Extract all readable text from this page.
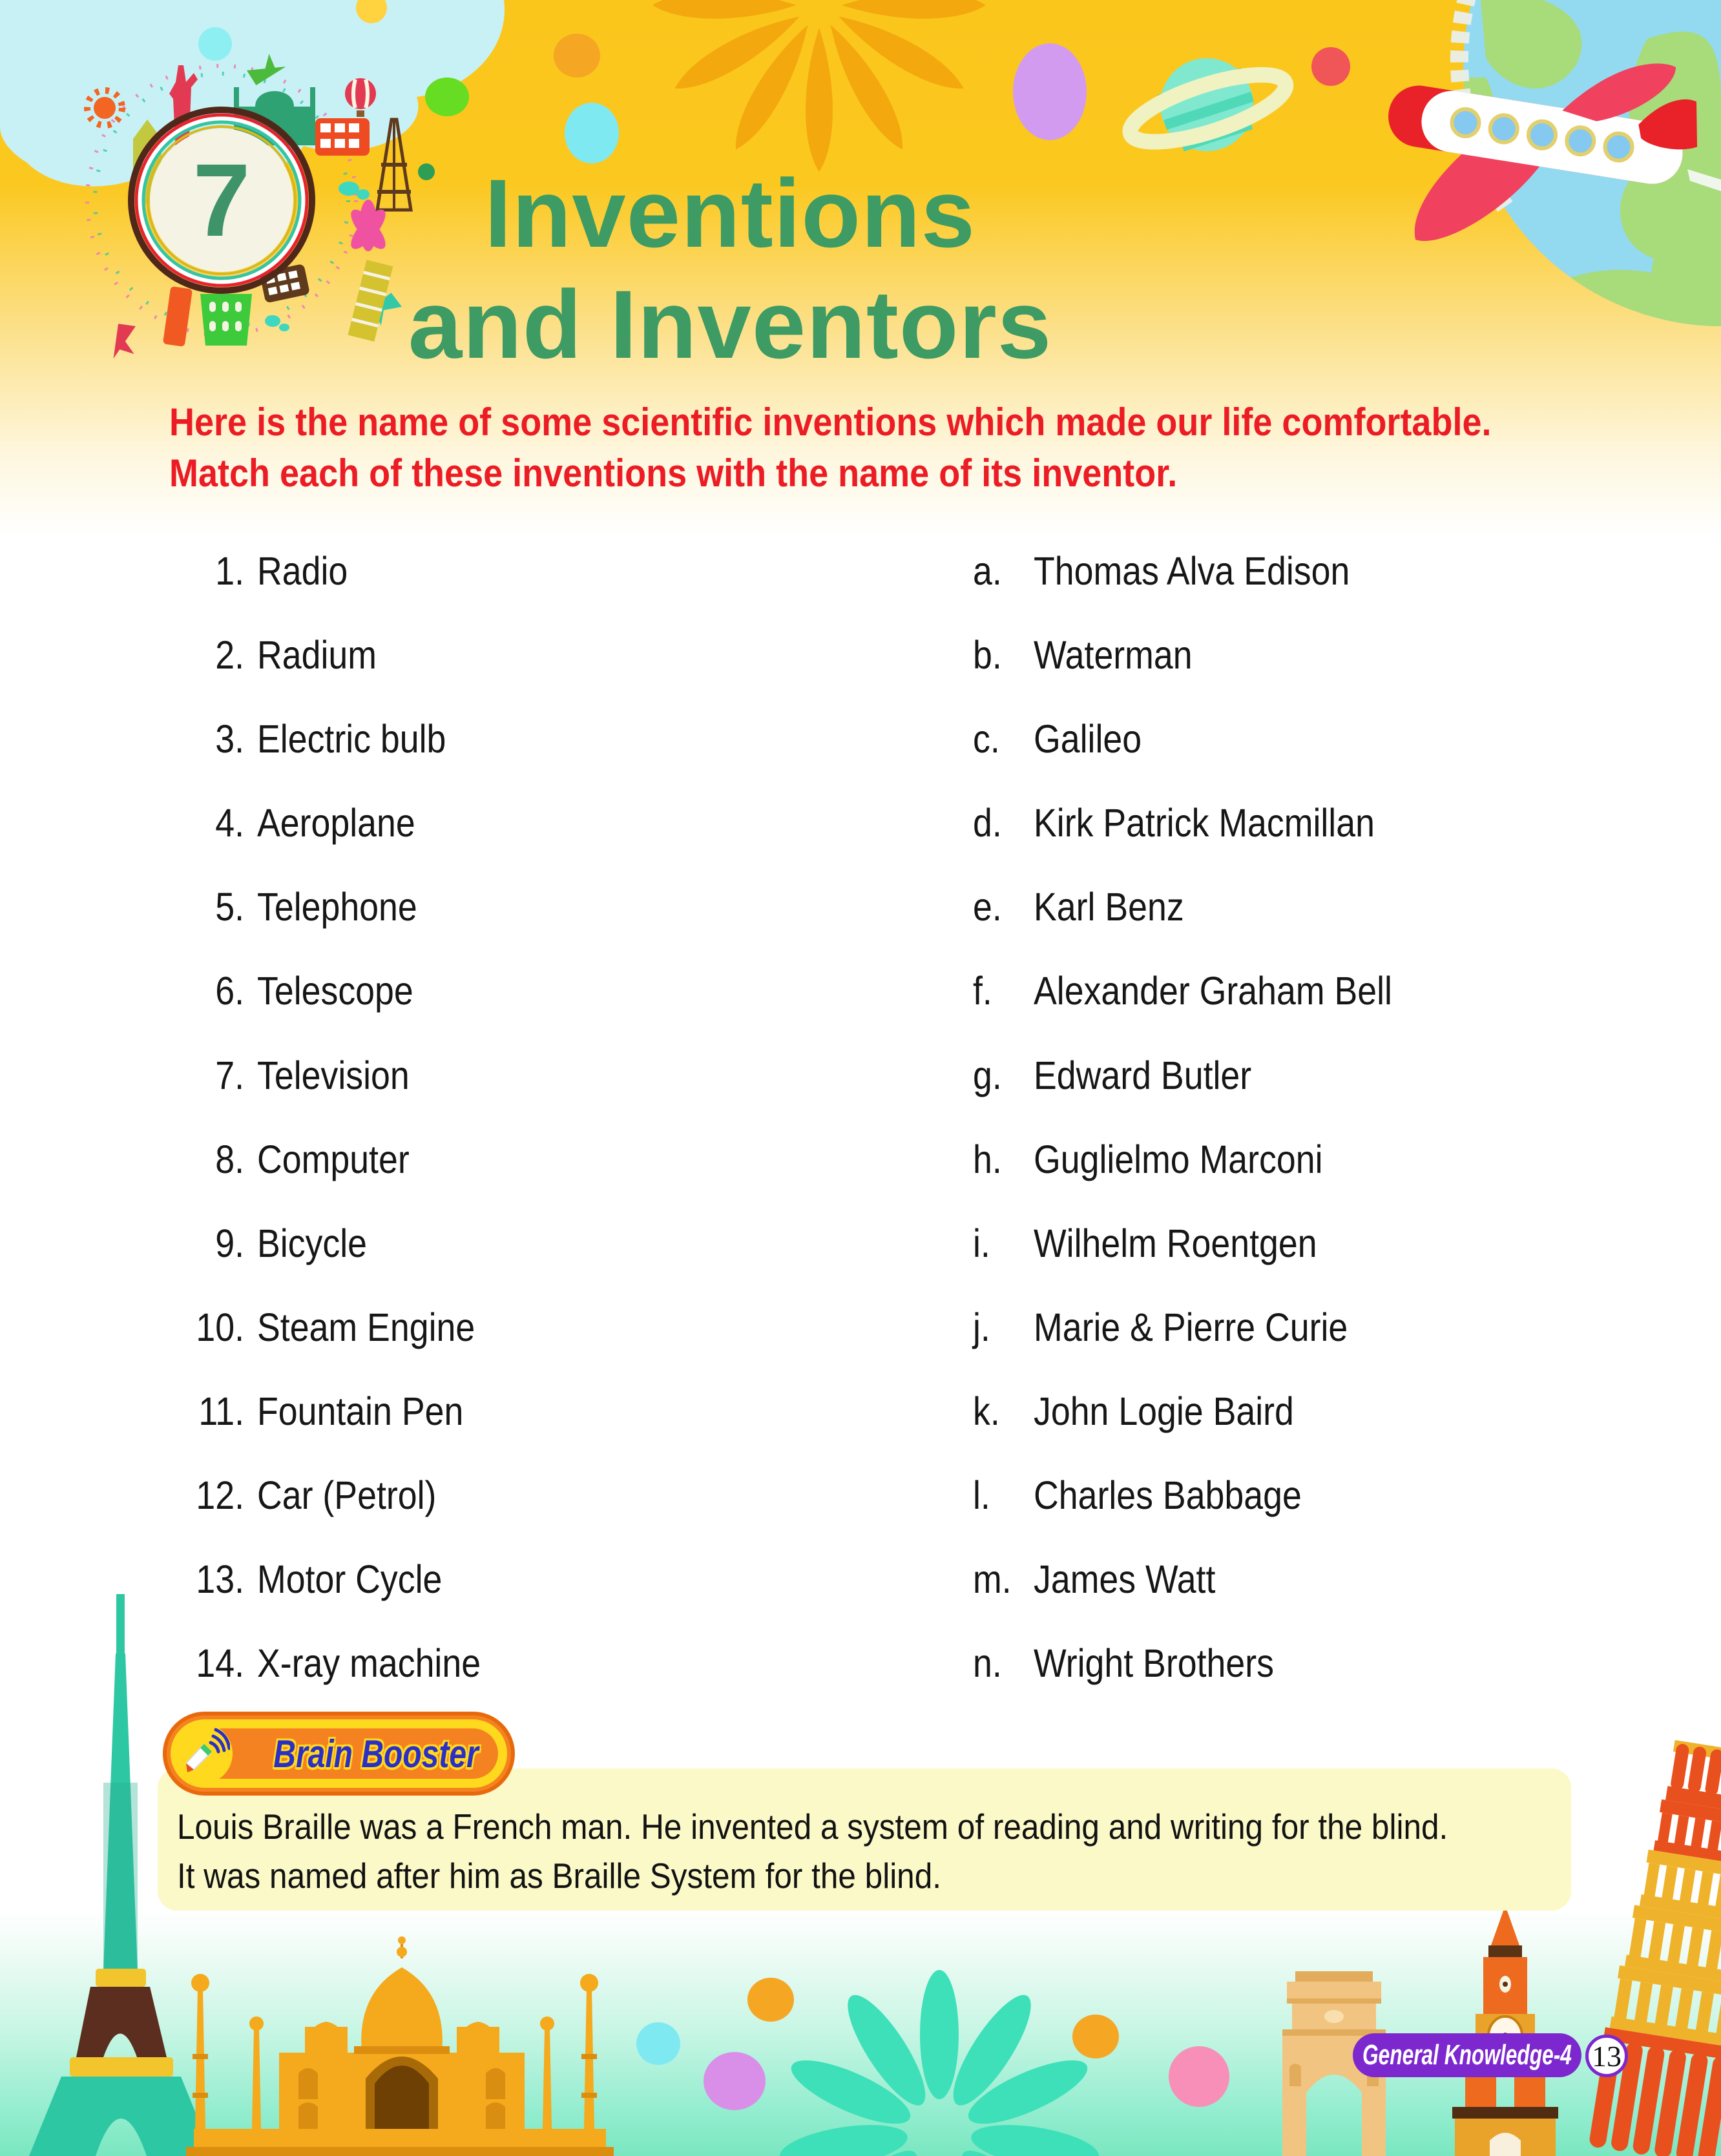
7	Inventions
and Inventors
Here is the name of some scientific inventions which made our life comfortable.
Match each of these inventions with the name of its inventor.
1. Radio	a. Thomas Alva Edison
2. Radium	b. Waterman
3. Electric bulb	c. Galileo
4. Aeroplane	d. Kirk Patrick Macmillan
5. Telephone	e. Karl Benz
6. Telescope	f. Alexander Graham Bell
7. Television	g. Edward Butler
8. Computer	h. Guglielmo Marconi
9. Bicycle	i. Wilhelm Roentgen
10. Steam Engine	j. Marie & Pierre Curie
11. Fountain Pen	k. John Logie Baird
12. Car (Petrol)	l. Charles Babbage
13. Motor Cycle	m. James Watt
14. X-ray machine	n. Wright Brothers
Brain Booster
Louis Braille was a French man. He invented a system of reading and writing for the blind.
It was named after him as Braille System for the blind.
General Knowledge-4 13
